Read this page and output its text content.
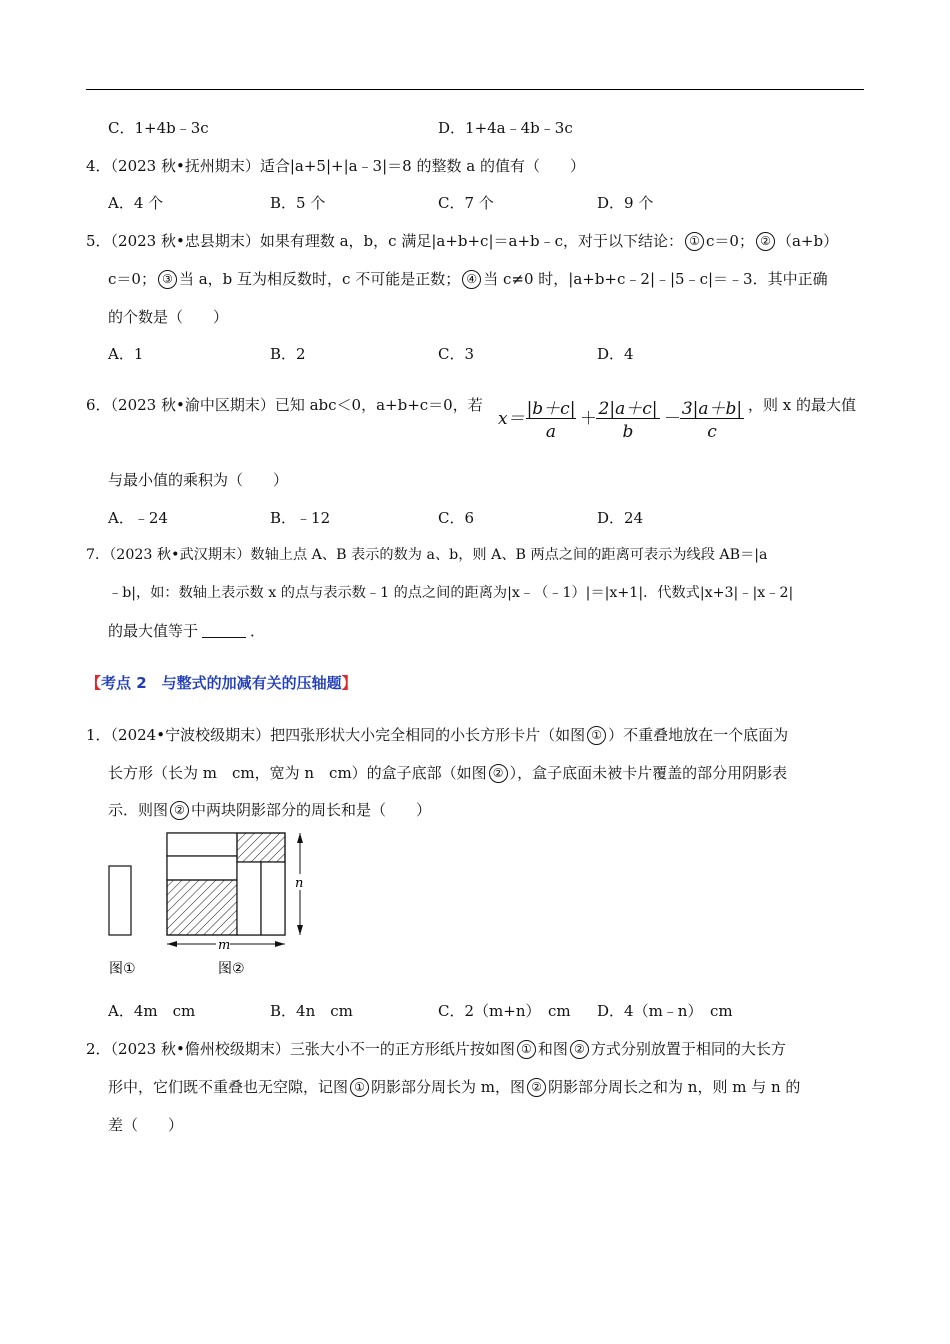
C．1+4b﹣3c	D．1+4a﹣4b﹣3c
4．（2023 秋•抚州期末）适合|a+5|+|a﹣3|＝8 的整数 a 的值有（　　）
A．4 个	B．5 个	C．7 个	D．9 个
5．（2023 秋•忠县期末）如果有理数 a，b，c 满足|a+b+c|＝a+b﹣c，对于以下结论： ① c＝0； ② （a+b）
c＝0； ③ 当 a，b 互为相反数时，c 不可能是正数； ④ 当 c≠0 时，|a+b+c﹣2|﹣|5﹣c|＝﹣3．其中正确
的个数是（　　）
A．1	B．2	C．3	D．4
6．（2023 秋•渝中区期末）已知 abc＜0，a+b+c＝0，若
x＝ |b＋c|
a
＋ 2|a＋c|
b
－ 3|a＋b|
c
，则 x 的最大值
与最小值的乘积为（　　）
A．﹣24	B．﹣12	C．6	D．24
7．（2023 秋•武汉期末）数轴上点 A、B 表示的数为 a、b，则 A、B 两点之间的距离可表示为线段 AB＝|a
﹣b|，如：数轴上表示数 x 的点与表示数﹣1 的点之间的距离为|x﹣（﹣1）|＝|x+1|．代数式|x+3|﹣|x﹣2|
的最大值等于	．
【考点 2　与整式的加减有关的压轴题】
1．（2024•宁波校级期末）把四张形状大小完全相同的小长方形卡片（如图 ① ）不重叠地放在一个底面为
长方形（长为 m　cm，宽为 n　cm）的盒子底部（如图 ② ），盒子底面未被卡片覆盖的部分用阴影表
示．则图 ② 中两块阴影部分的周长和是（　　）
m
n
图①	图②
A．4m　cm	B．4n　cm	C．2（m+n）　cm D．4（m﹣n）　cm
2．（2023 秋•儋州校级期末）三张大小不一的正方形纸片按如图 ① 和图 ② 方式分别放置于相同的大长方
形中，它们既不重叠也无空隙，记图 ① 阴影部分周长为 m，图 ② 阴影部分周长之和为 n，则 m 与 n 的
差（　　）
